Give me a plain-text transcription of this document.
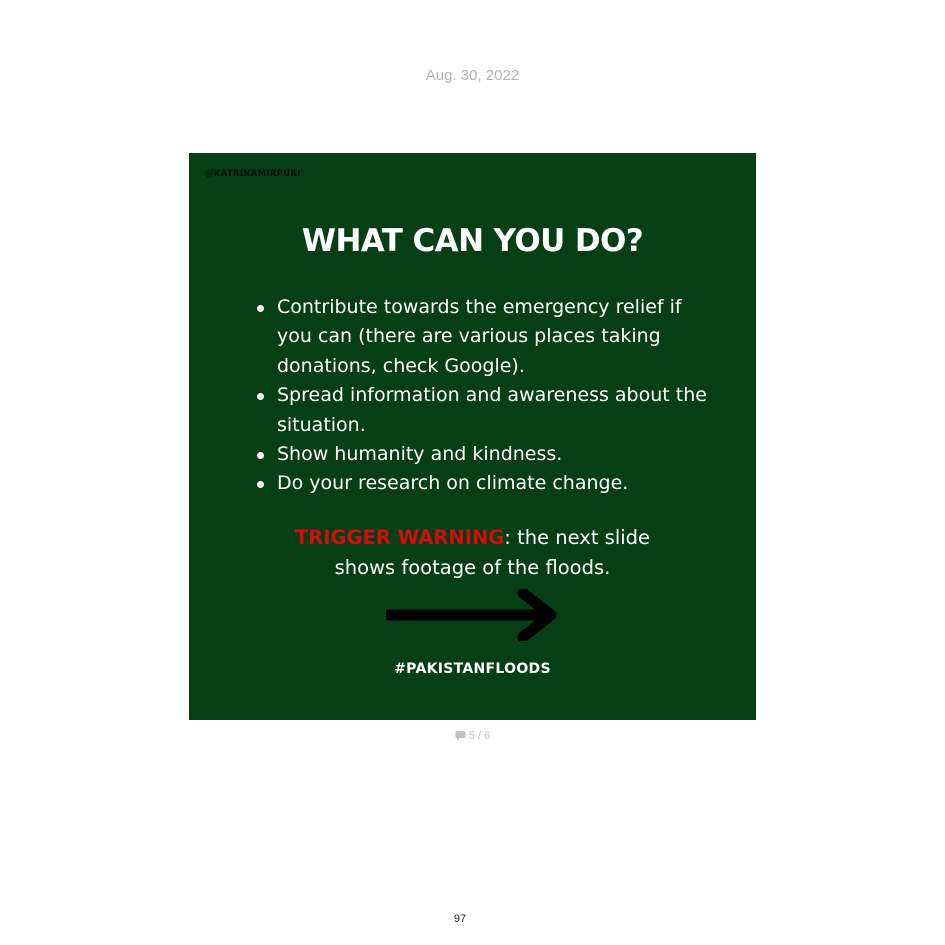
Aug. 30, 2022
@KATRINAMIRPURI
WHAT CAN YOU DO?
Contribute towards the emergency relief if you can (there are various places taking donations, check Google).
Spread information and awareness about the situation.
Show humanity and kindness.
Do your research on climate change.
TRIGGER WARNING: the next slide
shows footage of the floods.
#PAKISTANFLOODS
5 / 6
97
